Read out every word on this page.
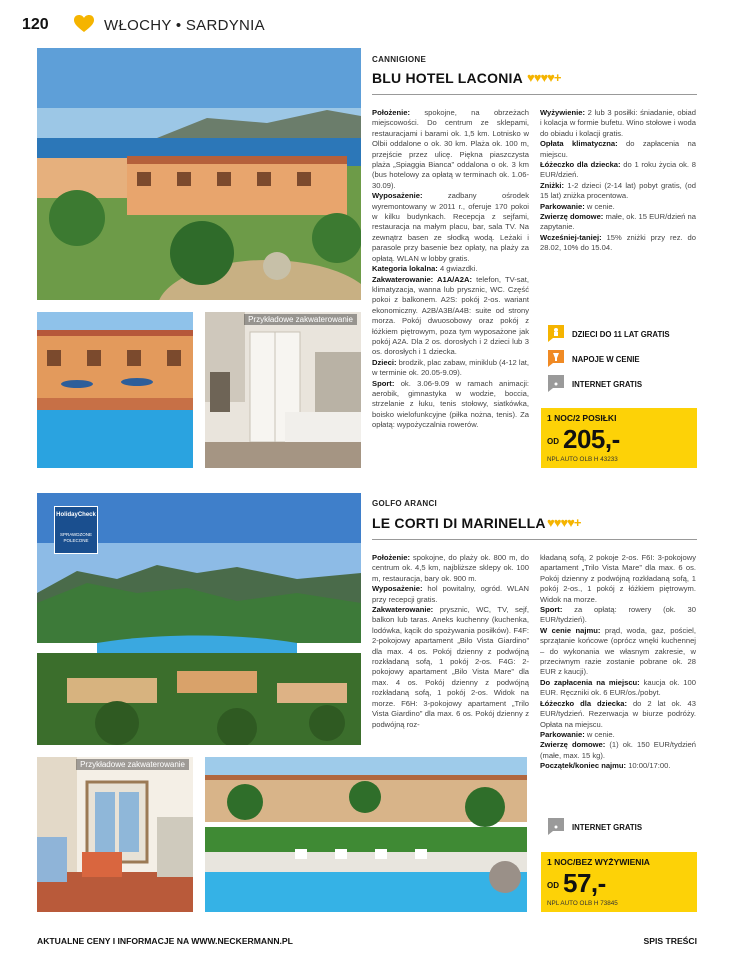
120	WŁOCHY • SARDYNIA
Przykładowe zakwaterowanie
CANNIGIONE
BLU HOTEL LACONIA ♥♥♥♥+

Położenie: spokojne, na obrzeżach miejscowości. Do centrum ze sklepami, restauracjami i barami ok. 1,5 km. Lotnisko w Olbii oddalone o ok. 30 km. Plaża ok. 100 m, przejście przez ulicę. Piękna piaszczysta plaża „Spiaggia Bianca” oddalona o ok. 3 km (bus hotelowy za opłatą w terminach ok. 1.06-30.09).

Wyposażenie: zadbany ośrodek wyremontowany w 2011 r., oferuje 170 pokoi w kilku budynkach. Recepcja z sejfami, restauracja na małym placu, bar, sala TV. Na zewnątrz basen ze słodką wodą. Leżaki i parasole przy basenie bez opłaty, na plaży za opłatą. WLAN w lobby gratis.

Kategoria lokalna: 4 gwiazdki.

Zakwaterowanie: A1A/A2A: telefon, TV-sat, klimatyzacja, wanna lub prysznic, WC. Część pokoi z balkonem. A2S: pokój 2-os. wariant ekonomiczny. A2B/A3B/A4B: suite od strony morza. Pokój dwuosobowy oraz pokój z łóżkiem piętrowym, poza tym wyposażone jak pokój A2A. Dla 2 os. dorosłych i 2 dzieci lub 3 os. dorosłych i 1 dziecka.

Dzieci: brodzik, plac zabaw, miniklub (4-12 lat, w terminie ok. 20.05-9.09).

Sport: ok. 3.06-9.09 w ramach animacji: aerobik, gimnastyka w wodzie, boccia, strzelanie z łuku, tenis stołowy, siatkówka, boisko wielofunkcyjne (piłka nożna, tenis). Za opłatą: wypożyczalnia rowerów.

Wyżywienie: 2 lub 3 posiłki: śniadanie, obiad i kolacja w formie bufetu. Wino stołowe i woda do obiadu i kolacji gratis.

Opłata klimatyczna: do zapłacenia na miejscu.

Łóżeczko dla dziecka: do 1 roku życia ok. 8 EUR/dzień.

Zniżki: 1-2 dzieci (2-14 lat) pobyt gratis, (od 15 lat) zniżka procentowa.

Parkowanie: w cenie.

Zwierzę domowe: małe, ok. 15 EUR/dzień na zapytanie.

Wcześniej-taniej: 15% zniżki przy rez. do 28.02, 10% do 15.04.

DZIECI DO 11 LAT GRATIS
NAPOJE W CENIE
INTERNET GRATIS
1 NOC/2 POSIŁKI
OD 205,-
NPL AUTO OLB H 43233
HolidayCheck
SPRAWDZONE POLECONE
Przykładowe zakwaterowanie
GOLFO ARANCI
LE CORTI DI MARINELLA ♥♥♥♥+

Położenie: spokojne, do plaży ok. 800 m, do centrum ok. 4,5 km, najbliższe sklepy ok. 100 m, restauracja, bary ok. 900 m.

Wyposażenie: hol powitalny, ogród. WLAN przy recepcji gratis.

Zakwaterowanie: prysznic, WC, TV, sejf, balkon lub taras. Aneks kuchenny (kuchenka, lodówka, kącik do spożywania posiłków). F4F: 2-pokojowy apartament „Bilo Vista Giardino” dla max. 4 os. Pokój dzienny z podwójną rozkładaną sofą, 1 pokój 2-os. F4G: 2-pokojowy apartament „Bilo Vista Mare” dla max. 4 os. Pokój dzienny z podwójną rozkładaną sofą, 1 pokój 2-os. Widok na morze. F6H: 3-pokojowy apartament „Trilo Vista Giardino” dla max. 6 os. Pokój dzienny z podwójną roz-

kładaną sofą, 2 pokoje 2-os. F6I: 3-pokojowy apartament „Trilo Vista Mare” dla max. 6 os. Pokój dzienny z podwójną rozkładaną sofą, 1 pokój 2-os., 1 pokój z łóżkiem piętrowym. Widok na morze.

Sport: za opłatą: rowery (ok. 30 EUR/tydzień).

W cenie najmu: prąd, woda, gaz, pościel, sprzątanie końcowe (oprócz wnęki kuchennej – do wykonania we własnym zakresie, w przeciwnym razie zostanie pobrane ok. 28 EUR z kaucji).

Do zapłacenia na miejscu: kaucja ok. 100 EUR. Ręczniki ok. 6 EUR/os./pobyt.

Łóżeczko dla dziecka: do 2 lat ok. 43 EUR/tydzień. Rezerwacja w biurze podróży. Opłata na miejscu.

Parkowanie: w cenie.

Zwierzę domowe: (1) ok. 150 EUR/tydzień (małe, max. 15 kg).

Początek/koniec najmu: 10:00/17:00.

INTERNET GRATIS
1 NOC/BEZ WYŻYWIENIA
OD 57,-
NPL AUTO OLB H 73845
AKTUALNE CENY I INFORMACJE NA WWW.NECKERMANN.PL	SPIS TREŚCI
